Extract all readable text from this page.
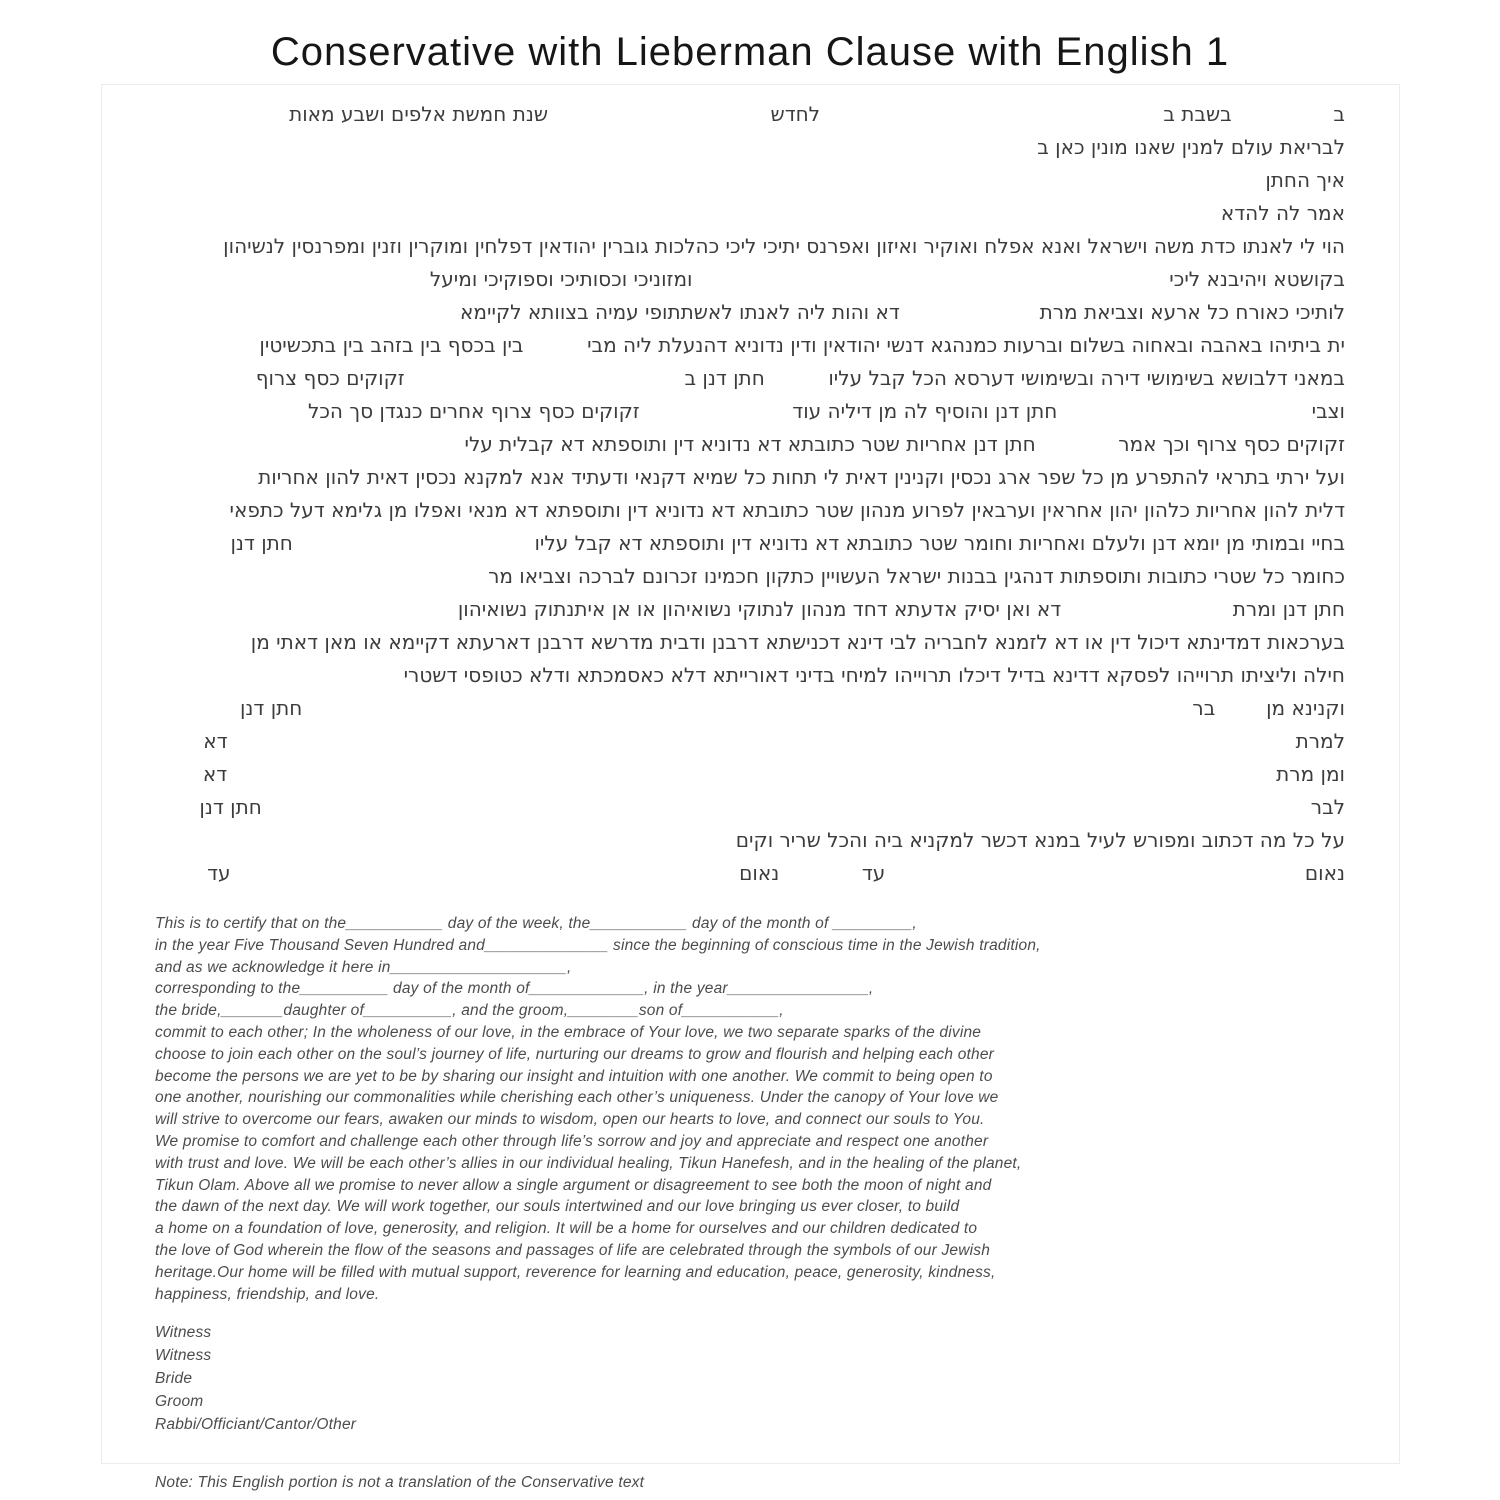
Conservative with Lieberman Clause with English 1
ב                בשבת ב                                                      לחדש                                   שנת חמשת אלפים ושבע מאות
לבריאת עולם למנין שאנו מונין כאן ב
איך החתן
אמר לה להדא
הוי לי לאנתו כדת משה וישראל ואנא אפלח ואוקיר ואיזון ואפרנס יתיכי ליכי כהלכות גוברין יהודאין דפלחין ומוקרין וזנין ומפרנסין לנשיהון
בקושטא ויהיבנא ליכי                                                                           ומזוניכי וכסותיכי וספוקיכי ומיעל
לותיכי כאורח כל ארעא וצביאת מרת                      דא והות ליה לאנתו לאשתתופי עמיה בצוותא לקיימא
ית ביתיהו באהבה ובאחוה בשלום וברעות כמנהגא דנשי יהודאין ודין נדוניא דהנעלת ליה מבי          בין בכסף בין בזהב בין בתכשיטין
במאני דלבושא בשימושי דירה ובשימושי דערסא הכל קבל עליו          חתן דנן ב                                            זקוקים כסף צרוף
וצבי                                        חתן דנן והוסיף לה מן דיליה עוד                        זקוקים כסף צרוף אחרים כנגדן סך הכל
זקוקים כסף צרוף וכך אמר             חתן דנן אחריות שטר כתובתא דא נדוניא דין ותוספתא דא קבלית עלי
ועל ירתי בתראי להתפרע מן כל שפר ארג נכסין וקנינין דאית לי תחות כל שמיא דקנאי ודעתיד אנא למקנא נכסין דאית להון אחריות
דלית להון אחריות כלהון יהון אחראין וערבאין לפרוע מנהון שטר כתובתא דא נדוניא דין ותוספתא דא מנאי ואפלו מן גלימא דעל כתפאי
בחיי ובמותי מן יומא דנן ולעלם ואחריות וחומר שטר כתובתא דא נדוניא דין ותוספתא דא קבל עליו                                      חתן דנן
כחומר כל שטרי כתובות ותוספתות דנהגין בבנות ישראל העשויין כתקון חכמינו זכרונם לברכה וצביאו מר
חתן דנן ומרת                           דא ואן יסיק אדעתא דחד מנהון לנתוקי נשואיהון או אן איתנתוק נשואיהון
בערכאות דמדינתא דיכול דין או דא לזמנא לחבריה לבי דינא דכנישתא דרבנן ודבית מדרשא דרבנן דארעתא דקיימא או מאן דאתי מן
חילה וליציתו תרוייהו לפסקא דדינא בדיל דיכלו תרוייהו למיחי בדיני דאורייתא דלא כאסמכתא ודלא כטופסי דשטרי
וקנינא מן        בר                                                                                                                                            חתן דנן
למרת                                                                                                                                                                        דא
ומן מרת                                                                                                                                                                     דא
לבר                                                                                                                                                                     חתן דנן
על כל מה דכתוב ומפורש לעיל במנא דכשר למקניא ביה והכל שריר וקים
נאום                                                                  עד             נאום                                                                                עד

This is to certify that on the___________ day of the week, the___________ day of the month of _________,

in the year Five Thousand Seven Hundred and______________ since the beginning of conscious time in the Jewish tradition,

and as we acknowledge it here in____________________,

corresponding to the__________ day of the month of_____________, in the year________________,

the bride,_______daughter of__________, and the groom,________son of___________,

commit to each other; In the wholeness of our love, in the embrace of Your love, we two separate sparks of the divine

choose to join each other on the soul’s journey of life, nurturing our dreams to grow and flourish and helping each other

become the persons we are yet to be by sharing our insight and intuition with one another. We commit to being open to

one another, nourishing our commonalities while cherishing each other’s uniqueness. Under the canopy of Your love we

will strive to overcome our fears, awaken our minds to wisdom, open our hearts to love, and connect our souls to You.

We promise to comfort and challenge each other through life’s sorrow and joy and appreciate and respect one another

with trust and love. We will be each other’s allies in our individual healing, Tikun Hanefesh, and in the healing of the planet,

Tikun Olam. Above all we promise to never allow a single argument or disagreement to see both the moon of night and

the dawn of the next day. We will work together, our souls intertwined and our love bringing us ever closer, to build

a home on a foundation of love, generosity, and religion. It will be a home for ourselves and our children dedicated to

the love of God wherein the flow of the seasons and passages of life are celebrated through the symbols of our Jewish

heritage.Our home will be filled with mutual support, reverence for learning and education, peace, generosity, kindness,

happiness, friendship, and love.

Witness

Witness

Bride

Groom

Rabbi/Officiant/Cantor/Other

Note: This English portion is not a translation of the Conservative text
